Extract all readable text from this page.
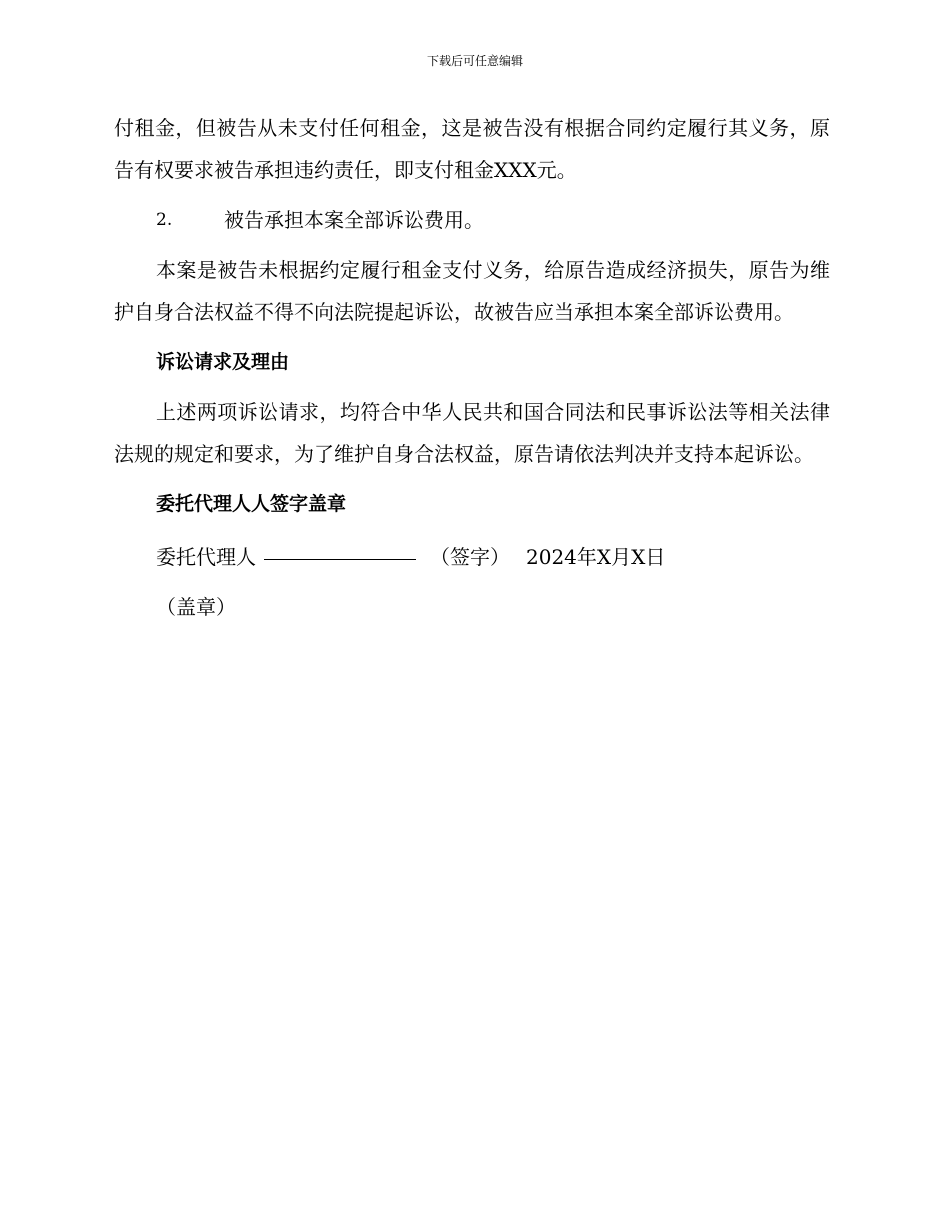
下载后可任意编辑

付租金，但被告从未支付任何租金，这是被告没有根据合同约定履行其义务，原告有权要求被告承担违约责任，即支付租金XXX元。

2.	被告承担本案全部诉讼费用。

本案是被告未根据约定履行租金支付义务，给原告造成经济损失，原告为维护自身合法权益不得不向法院提起诉讼，故被告应当承担本案全部诉讼费用。

诉讼请求及理由

上述两项诉讼请求，均符合中华人民共和国合同法和民事诉讼法等相关法律法规的规定和要求，为了维护自身合法权益，原告请依法判决并支持本起诉讼。

委托代理人人签字盖章
委托代理人	（签字） 2024年X月X日
（盖章）
